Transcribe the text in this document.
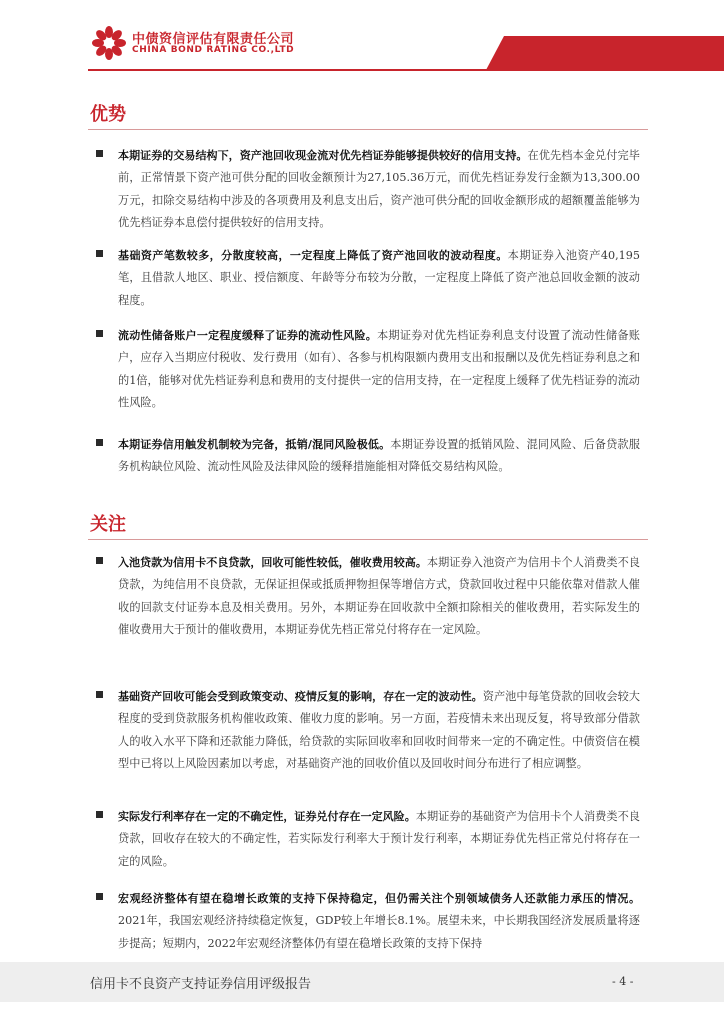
中债资信评估有限责任公司
CHINA BOND RATING CO.,LTD
资产支持证券信用评级
优势

本期证券的交易结构下，资产池回收现金流对优先档证券能够提供较好的信用支持。在优先档本金兑付完毕前，正常情景下资产池可供分配的回收金额预计为27,105.36万元，而优先档证券发行金额为13,300.00万元，扣除交易结构中涉及的各项费用及利息支出后，资产池可供分配的回收金额形成的超额覆盖能够为优先档证券本息偿付提供较好的信用支持。

基础资产笔数较多，分散度较高，一定程度上降低了资产池回收的波动程度。本期证券入池资产40,195笔，且借款人地区、职业、授信额度、年龄等分布较为分散，一定程度上降低了资产池总回收金额的波动程度。

流动性储备账户一定程度缓释了证券的流动性风险。本期证券对优先档证券利息支付设置了流动性储备账户，应存入当期应付税收、发行费用（如有）、各参与机构限额内费用支出和报酬以及优先档证券利息之和的1倍，能够对优先档证券利息和费用的支付提供一定的信用支持，在一定程度上缓释了优先档证券的流动性风险。

本期证券信用触发机制较为完备，抵销/混同风险极低。本期证券设置的抵销风险、混同风险、后备贷款服务机构缺位风险、流动性风险及法律风险的缓释措施能相对降低交易结构风险。

关注

入池贷款为信用卡不良贷款，回收可能性较低，催收费用较高。本期证券入池资产为信用卡个人消费类不良贷款，为纯信用不良贷款，无保证担保或抵质押物担保等增信方式，贷款回收过程中只能依靠对借款人催收的回款支付证券本息及相关费用。另外，本期证券在回收款中全额扣除相关的催收费用，若实际发生的催收费用大于预计的催收费用，本期证券优先档正常兑付将存在一定风险。

基础资产回收可能会受到政策变动、疫情反复的影响，存在一定的波动性。资产池中每笔贷款的回收会较大程度的受到贷款服务机构催收政策、催收力度的影响。另一方面，若疫情未来出现反复，将导致部分借款人的收入水平下降和还款能力降低，给贷款的实际回收率和回收时间带来一定的不确定性。中债资信在模型中已将以上风险因素加以考虑，对基础资产池的回收价值以及回收时间分布进行了相应调整。

实际发行利率存在一定的不确定性，证券兑付存在一定风险。本期证券的基础资产为信用卡个人消费类不良贷款，回收存在较大的不确定性，若实际发行利率大于预计发行利率，本期证券优先档正常兑付将存在一定的风险。

宏观经济整体有望在稳增长政策的支持下保持稳定，但仍需关注个别领域债务人还款能力承压的情况。2021年，我国宏观经济持续稳定恢复，GDP较上年增长8.1%。展望未来，中长期我国经济发展质量将逐步提高；短期内，2022年宏观经济整体仍有望在稳增长政策的支持下保持

信用卡不良资产支持证券信用评级报告	- 4 -
